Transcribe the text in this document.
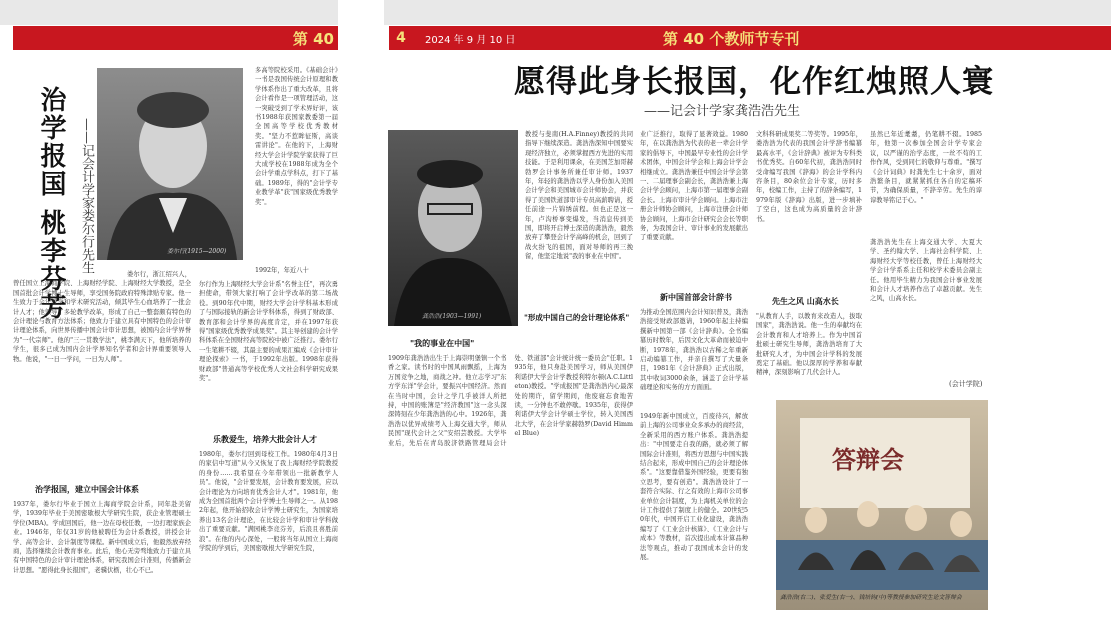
第 40
治学报国 桃李芬芳	——记会计学家娄尔行先生	娄尔行(1915—2000)
多高等院校采用。《基础会计》一书是我国传统会计原理和教学体系作出了重大改革，且将会计看作是一项管理活动，这一突破受到了学术界好评，该书1988年获国家教委第一届全国高等学校优秀教材奖。"坚力不惹眸征斯，高谈雷讲论"。在他的下，上海财经大学会计学院学家获得了巨大成学校在1988年成为全个会计学重点学科点，打下了基础。1989年，得的"会计学专业教学革"获"国家级优秀教学奖"。
1992年，年近八十
娄尔行，浙江绍兴人，曾任国立上海商学院、上海财经学院、上海财经大学教授，是全国首批会计学博士生导师，享受国务院政府特殊津贴专家。他一生致力于会计教学和学术研究活动，倾其毕生心血培养了一批会计人才；他领导了多轮教学改革，形成了自己一整套颇有特色的会计理论与教育方法体系；他致力于建立具有中国特色的会计审计理论体系，向世界传播中国会计审计思想，被国内会计学界誉为"一代宗师"。他的"三一贯教学法"，桃李满天下，他所培养的学生，很多已成为国内会计学界知名学者和会计界重要领导人物。他说，"一日一学问，一日为人师"。
尔行作为上海财经大学会计系"名誉主任"，再次勇担使命，带领大家打响了会计学改革的第二场战役。到90年代中期，财经大学会计学科基本形成了与国际接轨的新会计学科体系，得到了财政部、教育部和会计学界的高度肯定，并在1997年获得"国家级优秀教学成果奖"。其主导创建的会计学科体系在全国财经高等院校中被广泛推行。娄尔行一生笔耕不辍，其最主要的成果汇编成《会计审计理论探索》一书，于1992年出版。1998年获得财政部"普通高等学校优秀人文社会科学研究成果奖"。
治学报国，建立中国会计体系
1937年，娄尔行毕业于国立上海商学院会计系，同年赴美留学，1939年毕业于美国密歇根大学研究生院，获企业管理硕士学位(MBA)。学成回国后，他一边在母校任教，一边打理家族企业。1946年，年仅31岁的他被聘任为会计系教授，讲授会计学、高等会计、会计制度等课程。新中国成立后，他毅然放弃经商，选择继续会计教育事业。此后，他心无旁骛地致力于建立具有中国特色的会计审计理论体系，研究我国会计准则，传播新会计思想。"愿得此身长报国"，老骥伏枥，壮心不已。
乐教爱生，培养大批会计人才
1980年，娄尔行回到母校工作。1980年4月3日的家信中写道"从今又恢复了我上海财经学院教授的身份……我希望在今年带领出一批新教学人员"。他说，"会计要发展，会计教育要发展，应以会计理论为方向培育优秀会计人才"。1981年，他成为全国首批两个会计学博士生导师之一。从1982年起，他开始招收会计学博士研究生，为国家培养出13名会计理论，在比较会计学和审计学科做出了重要贡献。"满园桃李竞芬芳，后浪且喜胜前浪"。在他的内心深处，一般将当年从国立上海商学院的学到后，美国密歇根大学研究生院，
4	2024 年 9 月 10 日	第 40 个教师节专刊
愿得此身长报国，化作红烛照人寰
——记会计学家龚浩浩先生
龚浩浩(1903—1991)
教授与斐南(H.A.Finney)教授的共同指导下继续深造。龚浩浩深知中国要实现经济独立，必须掌握西方先进的实用技能。于是利用课余，在美国芝加哥赫勃罗会计事务所兼任审计师。1937年，年轻的龚浩浩以学人身份加入美国会计学会和美国城市会计师协会，并获得了美国铁道部审计专员高薪聘请，授任前途一片锦绣前程。但也正是这一年，卢沟桥事变爆发，当消息传到美国，即将开启博士深造的龚浩浩，毅然放弃了攀登会计学高峰的机会，回到了战火纷飞的祖国，面对导师的再三挽留，他坚定地说"我的事业在中国"。
"我的事业在中国"
1909年龚浩浩出生于上海崇明堡镇一个书香之家。读书时的中国风雨飘摇，上海为万国竞争之地，商战之冲。他立志学习"东方学东洋"学会计，要振兴中国经济。然而在当时中国，会计之学几乎被洋人所把持，中国的账簿是"经济教国"这一念头深深铸刻在少年龚浩浩的心中。1926年，龚浩浩以优异成绩考入上海交通大学，师从民国"现代会计之父"安绍芸教授。大学毕业后，先后在青岛胶济铁路管理局会计处、铁道部"会计统计统一委员会"任职。1935年，他只身赴美国学习，师从美国伊利诺伊大学会计学教授利特尔顿(A.C.Littleton)教授。"学成报国"是龚浩浩内心最深处的期许，留学期间，他废寝忘食地苦读，一分钟也不敢停歇。1935年，获得伊利诺伊大学会计学硕士学位，转入美国西北大学，在会计学家赫勃罗(David Himmel Blue)
业广泛推行，取得了显著效益。1980年，在以龚浩浩为代表的老一辈会计学家的倡导下，中国最早专业性的会计学术团体，中国会计学会和上海会计学会相继成立。龚浩浩兼任中国会计学会第一、二届理事会副会长，龚浩浩兼上海会计学会顾问，上海市第一届理事会副会长。上海市审计学会顾问。上海市注册会计师协会顾问，上海市注册会计师协会顾问，上海市会计研究会会长等职务，为我国会计、审计事业的发展献出了重要贡献。
"形成中国自己的会计理论体系"
新中国首部会计辞书
为推动全国范围内会计知识普及，龚浩浩接受财政部邀请，1960年起主持编撰新中国第一部《会计辞典》。全书编纂历时数年，后因文化大革命而被迫中断，1978年，龚浩浩以古稀之年重新启动编纂工作，并亲自撰写了大量条目，1981年《会计辞典》正式出版，其中收词3000余条，涵盖了会计学基础理论和实务的方方面面。
1949年新中国成立，百废待兴，解放前上海的公司事业众多承办的商经营，全新采用的西方账户体系。龚浩浩提出："中国要走自我的路，就必须了解国际会计准则，将西方思想与中国实践结合起来，形成中国自己的会计理论体系"。"这要靠借鉴外国经验，更要有独立思考，要有创造"。龚浩浩设计了一套符合实际、行之有效的上海市公司事业单位会计制度，为上海机关单位的会计工作提供了制度上的健全。20世纪50年代，中国开启工业化建设，龚浩浩编写了《工业会计核算》、《工业会计与成本》等教材，首次提出成本计算品种法等观点，推动了我国成本会计的发展。
文科科研成果奖二等奖等。1995年，娄浩浩为代表的我国会计学辞书编纂最高水平，《会计辞典》被评为专科类书优秀奖。自60年代初，龚浩浩同时受命编写我国《辞海》的会计学科内容条目，80余位会计专家，历时多年，校编工作，主持了的辞条编写，1979年版《辞海》出版，进一步填补了空白，这也成为高质量的会计辞书。
先生之风 山高水长
"从教育人手，以教育来改造人，拔取国家"，龚浩浩说。他一生的奉献均在会计教育和人才培养上。作为中国首批硕士研究生导师，龚浩浩培育了大批研究人才，为中国会计学科的发展奠定了基础。他以深厚的学养和奉献精神，深刻影响了几代会计人。
虽然已年近耄耋，仍笔耕不辍。1985年，他第一次参加全国会计学专家会议，以严谨的治学态度，一丝不苟的工作作风，受到同仁的敬仰与尊重。"撰写《会计词典》时龚先生七十余岁，面对浩繁条目，就紧紧抓住各自的定稿环节，为确保质量，不辞辛劳。先生的谆谆教导铭记于心。"
龚浩浩先生在上海交通大学、大夏大学、圣约翰大学、上海社会科学院、上海财经大学等校任教，曾任上海财经大学会计学系系主任和校学术委员会副主任。他用毕生精力为我国会计事业发展和会计人才培养作出了卓越贡献。先生之风，山高水长。
(会计学院)
答辩会
龚浩浩(右二)、张爱生(右一)、钱培钧(中)等教授参加研究生论文答辩会
